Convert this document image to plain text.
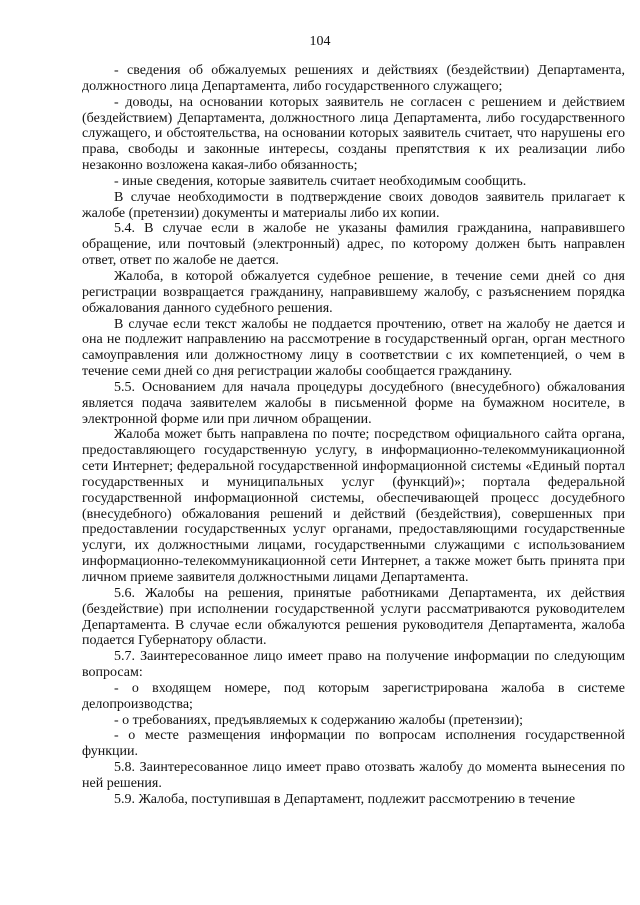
104

- сведения об обжалуемых решениях и действиях (бездействии) Департамента, должностного лица Департамента, либо государственного служащего;

- доводы, на основании которых заявитель не согласен с решением и действием (бездействием) Департамента, должностного лица Департамента, либо государственного служащего, и обстоятельства, на основании которых заявитель считает, что нарушены его права, свободы и законные интересы, созданы препятствия к их реализации либо незаконно возложена какая-либо обязанность;

- иные сведения, которые заявитель считает необходимым сообщить.

В случае необходимости в подтверждение своих доводов заявитель прилагает к жалобе (претензии) документы и материалы либо их копии.

5.4. В случае если в жалобе не указаны фамилия гражданина, направившего обращение, или почтовый (электронный) адрес, по которому должен быть направлен ответ, ответ по жалобе не дается.

Жалоба, в которой обжалуется судебное решение, в течение семи дней со дня регистрации возвращается гражданину, направившему жалобу, с разъяснением порядка обжалования данного судебного решения.

В случае если текст жалобы не поддается прочтению, ответ на жалобу не дается и она не подлежит направлению на рассмотрение в государственный орган, орган местного самоуправления или должностному лицу в соответствии с их компетенцией, о чем в течение семи дней со дня регистрации жалобы сообщается гражданину.

5.5. Основанием для начала процедуры досудебного (внесудебного) обжалования является подача заявителем жалобы в письменной форме на бумажном носителе, в электронной форме или при личном обращении.

Жалоба может быть направлена по почте; посредством официального сайта органа, предоставляющего государственную услугу, в информационно-телекоммуникационной сети Интернет; федеральной государственной информационной системы «Единый портал государственных и муниципальных услуг (функций)»; портала федеральной государственной информационной системы, обеспечивающей процесс досудебного (внесудебного) обжалования решений и действий (бездействия), совершенных при предоставлении государственных услуг органами, предоставляющими государственные услуги, их должностными лицами, государственными служащими с использованием информационно-телекоммуникационной сети Интернет, а также может быть принята при личном приеме заявителя должностными лицами Департамента.

5.6. Жалобы на решения, принятые работниками Департамента, их действия (бездействие) при исполнении государственной услуги рассматриваются руководителем Департамента. В случае если обжалуются решения руководителя Департамента, жалоба подается Губернатору области.

5.7. Заинтересованное лицо имеет право на получение информации по следующим вопросам:

- о входящем номере, под которым зарегистрирована жалоба в системе делопроизводства;

- о требованиях, предъявляемых к содержанию жалобы (претензии);

- о месте размещения информации по вопросам исполнения государственной функции.

5.8. Заинтересованное лицо имеет право отозвать жалобу до момента вынесения по ней решения.

5.9. Жалоба, поступившая в Департамент, подлежит рассмотрению в течение
